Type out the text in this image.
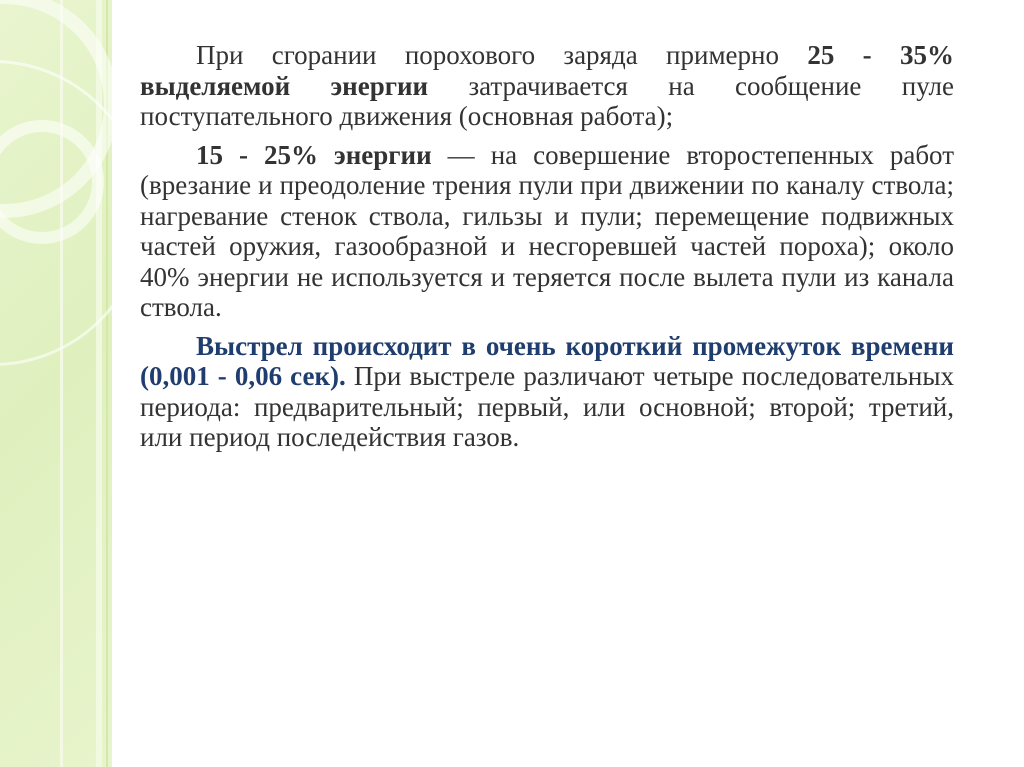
При сгорании порохового заряда примерно 25 - 35% выделяемой энергии затрачивается на сообщение пуле поступательного движения (основная работа);

15 - 25% энергии — на совершение второстепенных работ (врезание и преодоление трения пули при движении по каналу ствола; нагревание стенок ствола, гильзы и пули; перемещение подвижных частей оружия, газообразной и несгоревшей частей пороха); около 40% энергии не используется и теряется после вылета пули из канала ствола.

Выстрел происходит в очень короткий промежуток времени (0,001 - 0,06 сек). При выстреле различают четыре последовательных периода: предварительный; первый, или основной; второй; третий, или период последействия газов.
